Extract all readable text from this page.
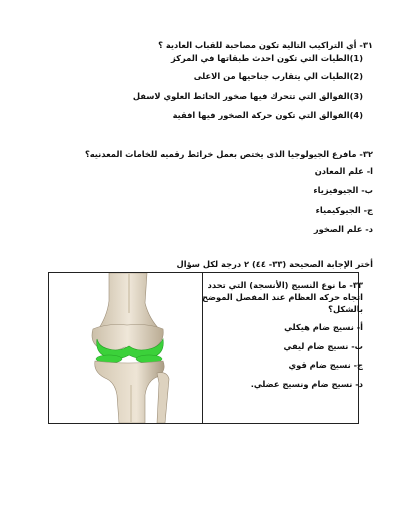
٣١- أي التراكيب التالية تكون مصاحبة للقباب العادية ؟
(1)الطيات التي تكون احدث طبقاتها في المركز
(2)الطيات الي يتقارب جناحيها من الاعلى
(3)الفوالق التي تتحرك فيها صخور الحائط العلوي لاسفل
(4)الفوالق التي تكون حركة الصخور فيها افقية
٣٢- مافرع الجيولوجيا الذى يختص بعمل خرائط رقميه للخامات المعدنيه؟
ا- علم المعادن
ب- الجيوفيزياء
ج- الجيوكيمياء
د- علم الصخور
أختر الإجابة الصحيحة (٣٣- ٤٤) ٢ درجة لكل سؤال
٣٣- ما نوع النسيج (الأنسجة) التي تحدد
اتجاه حركه العظام عند المفصل الموضح
بالشكل؟
أ- نسيج ضام هيكلي
ب- نسيج ضام ليفي
ج- نسيج ضام قوي
د- نسيج ضام ونسيج عضلي.
